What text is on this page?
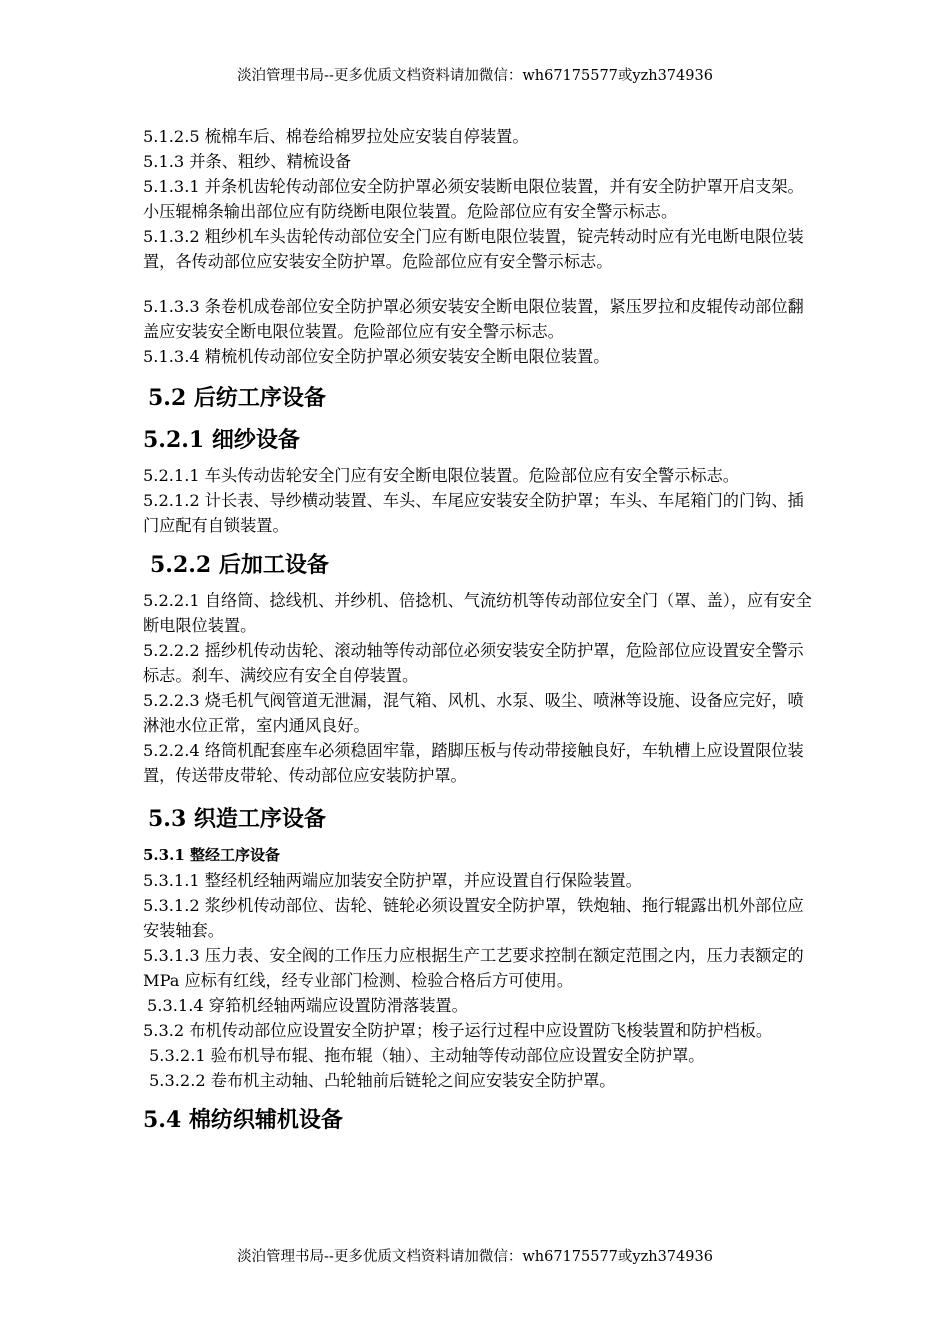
淡泊管理书局--更多优质文档资料请加微信：wh67175577或yzh374936

5.1.2.5 梳棉车后、棉卷给棉罗拉处应安装自停装置。

5.1.3 并条、粗纱、精梳设备

5.1.3.1 并条机齿轮传动部位安全防护罩必须安装断电限位装置，并有安全防护罩开启支架。小压辊棉条输出部位应有防绕断电限位装置。危险部位应有安全警示标志。

5.1.3.2 粗纱机车头齿轮传动部位安全门应有断电限位装置，锭壳转动时应有光电断电限位装置，各传动部位应安装安全防护罩。危险部位应有安全警示标志。

5.1.3.3 条卷机成卷部位安全防护罩必须安装安全断电限位装置，紧压罗拉和皮辊传动部位翻盖应安装安全断电限位装置。危险部位应有安全警示标志。

5.1.3.4 精梳机传动部位安全防护罩必须安装安全断电限位装置。

5.2 后纺工序设备
5.2.1 细纱设备

5.2.1.1 车头传动齿轮安全门应有安全断电限位装置。危险部位应有安全警示标志。

5.2.1.2 计长表、导纱横动装置、车头、车尾应安装安全防护罩；车头、车尾箱门的门钩、插门应配有自锁装置。

5.2.2 后加工设备

5.2.2.1 自络筒、捻线机、并纱机、倍捻机、气流纺机等传动部位安全门（罩、盖），应有安全断电限位装置。

5.2.2.2 摇纱机传动齿轮、滚动轴等传动部位必须安装安全防护罩，危险部位应设置安全警示标志。刹车、满绞应有安全自停装置。

5.2.2.3 烧毛机气阀管道无泄漏，混气箱、风机、水泵、吸尘、喷淋等设施、设备应完好，喷淋池水位正常，室内通风良好。

5.2.2.4 络筒机配套座车必须稳固牢靠，踏脚压板与传动带接触良好，车轨槽上应设置限位装置，传送带皮带轮、传动部位应安装防护罩。

5.3 织造工序设备
5.3.1 整经工序设备

5.3.1.1 整经机经轴两端应加装安全防护罩，并应设置自行保险装置。

5.3.1.2 浆纱机传动部位、齿轮、链轮必须设置安全防护罩，铁炮轴、拖行辊露出机外部位应安装轴套。

5.3.1.3 压力表、安全阀的工作压力应根据生产工艺要求控制在额定范围之内，压力表额定的 MPa 应标有红线，经专业部门检测、检验合格后方可使用。

5.3.1.4 穿筘机经轴两端应设置防滑落装置。

5.3.2 布机传动部位应设置安全防护罩；梭子运行过程中应设置防飞梭装置和防护档板。

5.3.2.1 验布机导布辊、拖布辊（轴）、主动轴等传动部位应设置安全防护罩。

5.3.2.2 卷布机主动轴、凸轮轴前后链轮之间应安装安全防护罩。

5.4 棉纺织辅机设备
淡泊管理书局--更多优质文档资料请加微信：wh67175577或yzh374936
